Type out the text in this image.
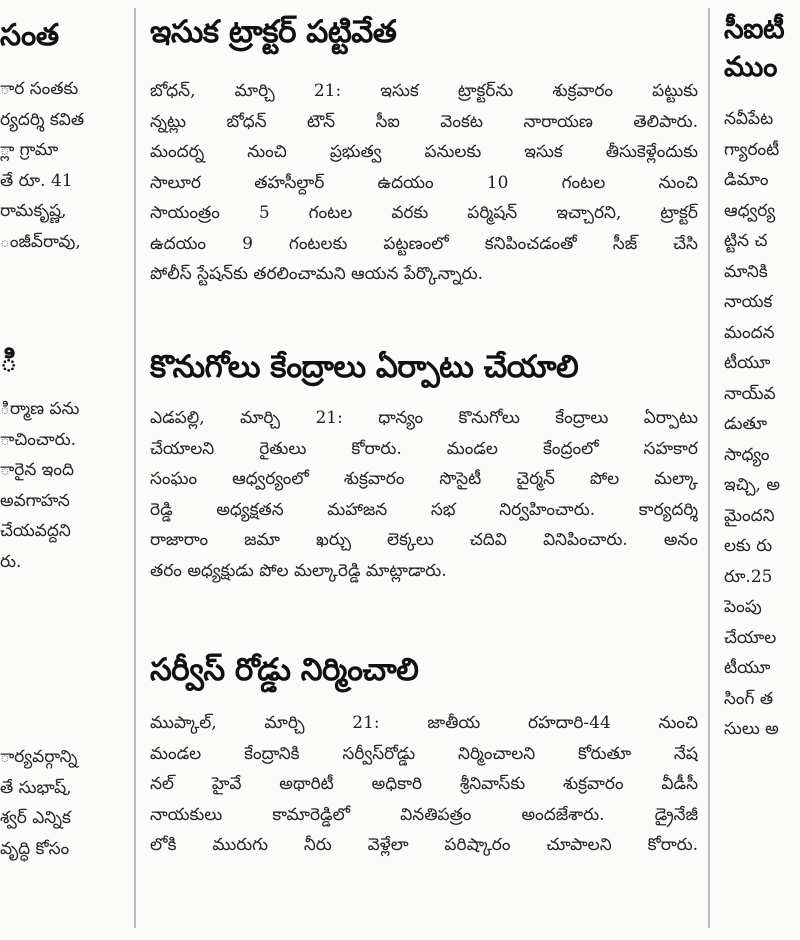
సంత

ార సంతకు

ర్యదర్శి కవిత

్లా గ్రామా

తే రూ. 41

రామకృష్ణ,

ంజీవ్‌రావు,

ి

ిర్మాణ పను

ాచించారు.

ారైన ఇంది

అవగాహన

చేయవద్దని

రు.

ార్యవర్గాన్ని

తే సుభాష్,

శ్వర్ ఎన్నిక

వృద్ధి కోసం

ఇసుక ట్రాక్టర్ పట్టివేత

బోధన్, మార్చి 21: ఇసుక ట్రాక్టర్‌ను శుక్రవారం పట్టుకు

న్నట్లు బోధన్ టౌన్ సీఐ వెంకట నారాయణ తెలిపారు.

మందర్న నుంచి ప్రభుత్వ పనులకు ఇసుక తీసుకెళ్లేందుకు

సాలూర తహసీల్దార్ ఉదయం 10 గంటల నుంచి

సాయంత్రం 5 గంటల వరకు పర్మిషన్ ఇచ్చారని, ట్రాక్టర్

ఉదయం 9 గంటలకు పట్టణంలో కనిపించడంతో సీజ్ చేసి

పోలీస్ స్టేషన్‌కు తరలించామని ఆయన పేర్కొన్నారు.

కొనుగోలు కేంద్రాలు ఏర్పాటు చేయాలి

ఎడపల్లి, మార్చి 21: ధాన్యం కొనుగోలు కేంద్రాలు ఏర్పాటు

చేయాలని రైతులు కోరారు. మండల కేంద్రంలో సహకార

సంఘం ఆధ్వర్యంలో శుక్రవారం సొసైటీ చైర్మన్ పోల మల్కా

రెడ్డి అధ్యక్షతన మహాజన సభ నిర్వహించారు. కార్యదర్శి

రాజారాం జమా ఖర్చు లెక్కలు చదివి వినిపించారు. అనం

తరం అధ్యక్షుడు పోల మల్కారెడ్డి మాట్లాడారు.

సర్వీస్ రోడ్డు నిర్మించాలి

ముప్కాల్, మార్చి 21: జాతీయ రహదారి-44 నుంచి

మండల కేంద్రానికి సర్వీస్‌రోడ్డు నిర్మించాలని కోరుతూ నేష

నల్ హైవే అథారిటీ అధికారి శ్రీనివాస్‌కు శుక్రవారం వీడీసీ

నాయకులు కామారెడ్డిలో వినతిపత్రం అందజేశారు. డ్రైనేజీ

లోకి మురుగు నీరు వెళ్లేలా పరిష్కారం చూపాలని కోరారు.

సీఐటీ
ముం

నవీపేట

గ్యారంటీ

డిమాం

ఆధ్వర్య

ట్టిన చ

మానికి

నాయక

మందన

టీయూ

నాయ్‌వ

డుతూ

సాధ్యం

ఇచ్చి, అ

మైందని

లకు రు

రూ.25

పెంపు

చేయాల

టీయూ

సింగ్ త

సులు అ
